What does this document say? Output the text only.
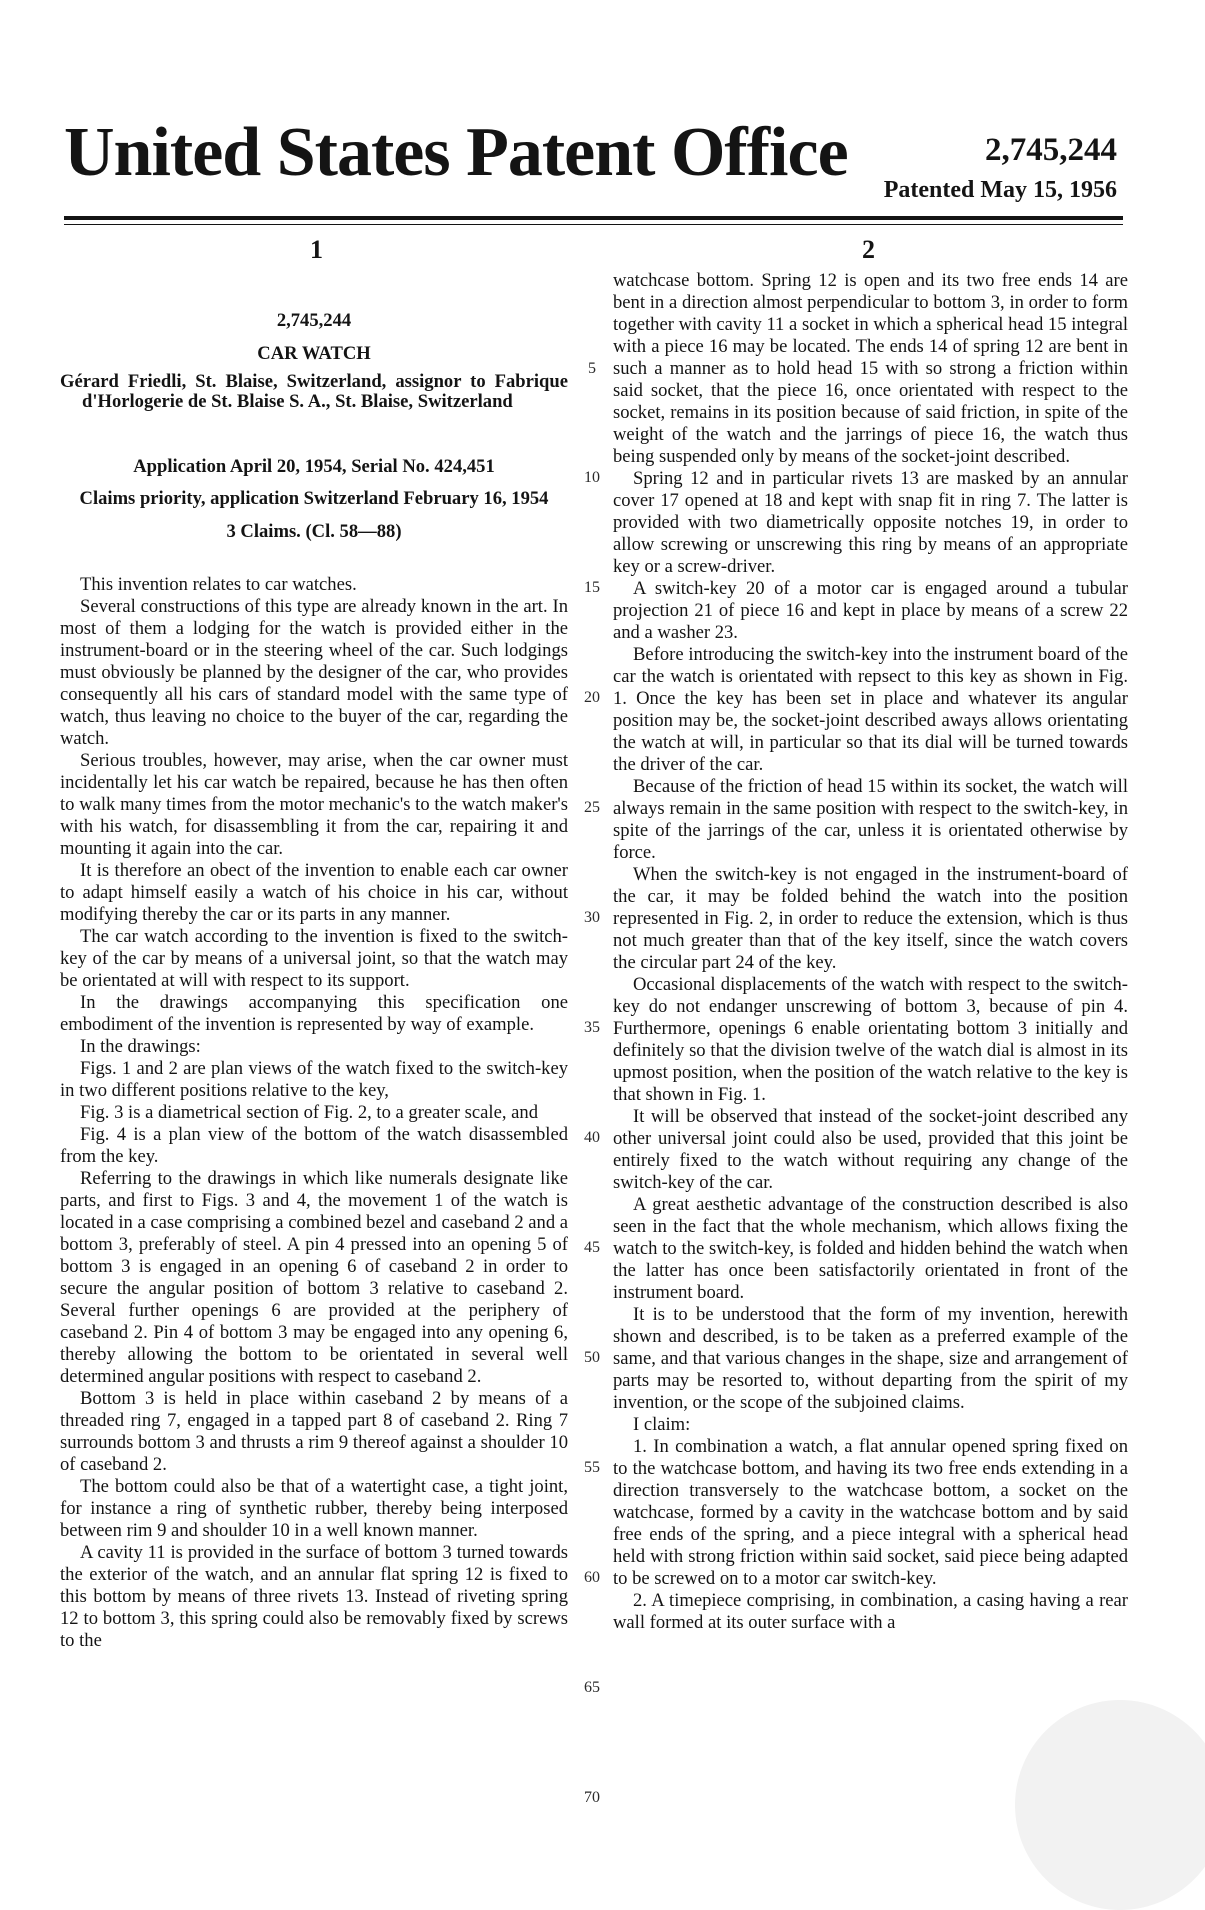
United States Patent Office	2,745,244
Patented May 15, 1956
1	2
2,745,244
CAR WATCH

Gérard Friedli, St. Blaise, Switzerland, assignor to Fabrique d'Horlogerie de St. Blaise S. A., St. Blaise, Switzerland

Application April 20, 1954, Serial No. 424,451
Claims priority, application Switzerland February 16, 1954
3 Claims. (Cl. 58—88)

This invention relates to car watches.

Several constructions of this type are already known in the art. In most of them a lodging for the watch is provided either in the instrument-board or in the steering wheel of the car. Such lodgings must obviously be planned by the designer of the car, who provides consequently all his cars of standard model with the same type of watch, thus leaving no choice to the buyer of the car, regarding the watch.

Serious troubles, however, may arise, when the car owner must incidentally let his car watch be repaired, because he has then often to walk many times from the motor mechanic's to the watch maker's with his watch, for disassembling it from the car, repairing it and mounting it again into the car.

It is therefore an obect of the invention to enable each car owner to adapt himself easily a watch of his choice in his car, without modifying thereby the car or its parts in any manner.

The car watch according to the invention is fixed to the switch-key of the car by means of a universal joint, so that the watch may be orientated at will with respect to its support.

In the drawings accompanying this specification one embodiment of the invention is represented by way of example.

In the drawings:

Figs. 1 and 2 are plan views of the watch fixed to the switch-key in two different positions relative to the key,

Fig. 3 is a diametrical section of Fig. 2, to a greater scale, and

Fig. 4 is a plan view of the bottom of the watch disassembled from the key.

Referring to the drawings in which like numerals designate like parts, and first to Figs. 3 and 4, the movement 1 of the watch is located in a case comprising a combined bezel and caseband 2 and a bottom 3, preferably of steel. A pin 4 pressed into an opening 5 of bottom 3 is engaged in an opening 6 of caseband 2 in order to secure the angular position of bottom 3 relative to caseband 2. Several further openings 6 are provided at the periphery of caseband 2. Pin 4 of bottom 3 may be engaged into any opening 6, thereby allowing the bottom to be orientated in several well determined angular positions with respect to caseband 2.

Bottom 3 is held in place within caseband 2 by means of a threaded ring 7, engaged in a tapped part 8 of caseband 2. Ring 7 surrounds bottom 3 and thrusts a rim 9 thereof against a shoulder 10 of caseband 2.

The bottom could also be that of a watertight case, a tight joint, for instance a ring of synthetic rubber, thereby being interposed between rim 9 and shoulder 10 in a well known manner.

A cavity 11 is provided in the surface of bottom 3 turned towards the exterior of the watch, and an annular flat spring 12 is fixed to this bottom by means of three rivets 13. Instead of riveting spring 12 to bottom 3, this spring could also be removably fixed by screws to the

5
10
15
20
25
30
35
40
45
50
55
60
65
70

watchcase bottom. Spring 12 is open and its two free ends 14 are bent in a direction almost perpendicular to bottom 3, in order to form together with cavity 11 a socket in which a spherical head 15 integral with a piece 16 may be located. The ends 14 of spring 12 are bent in such a manner as to hold head 15 with so strong a friction within said socket, that the piece 16, once orientated with respect to the socket, remains in its position because of said friction, in spite of the weight of the watch and the jarrings of piece 16, the watch thus being suspended only by means of the socket-joint described.

Spring 12 and in particular rivets 13 are masked by an annular cover 17 opened at 18 and kept with snap fit in ring 7. The latter is provided with two diametrically opposite notches 19, in order to allow screwing or unscrewing this ring by means of an appropriate key or a screw-driver.

A switch-key 20 of a motor car is engaged around a tubular projection 21 of piece 16 and kept in place by means of a screw 22 and a washer 23.

Before introducing the switch-key into the instrument board of the car the watch is orientated with repsect to this key as shown in Fig. 1. Once the key has been set in place and whatever its angular position may be, the socket-joint described aways allows orientating the watch at will, in particular so that its dial will be turned towards the driver of the car.

Because of the friction of head 15 within its socket, the watch will always remain in the same position with respect to the switch-key, in spite of the jarrings of the car, unless it is orientated otherwise by force.

When the switch-key is not engaged in the instrument-board of the car, it may be folded behind the watch into the position represented in Fig. 2, in order to reduce the extension, which is thus not much greater than that of the key itself, since the watch covers the circular part 24 of the key.

Occasional displacements of the watch with respect to the switch-key do not endanger unscrewing of bottom 3, because of pin 4. Furthermore, openings 6 enable orientating bottom 3 initially and definitely so that the division twelve of the watch dial is almost in its upmost position, when the position of the watch relative to the key is that shown in Fig. 1.

It will be observed that instead of the socket-joint described any other universal joint could also be used, provided that this joint be entirely fixed to the watch without requiring any change of the switch-key of the car.

A great aesthetic advantage of the construction described is also seen in the fact that the whole mechanism, which allows fixing the watch to the switch-key, is folded and hidden behind the watch when the latter has once been satisfactorily orientated in front of the instrument board.

It is to be understood that the form of my invention, herewith shown and described, is to be taken as a preferred example of the same, and that various changes in the shape, size and arrangement of parts may be resorted to, without departing from the spirit of my invention, or the scope of the subjoined claims.

I claim:

1. In combination a watch, a flat annular opened spring fixed on to the watchcase bottom, and having its two free ends extending in a direction transversely to the watchcase bottom, a socket on the watchcase, formed by a cavity in the watchcase bottom and by said free ends of the spring, and a piece integral with a spherical head held with strong friction within said socket, said piece being adapted to be screwed on to a motor car switch-key.

2. A timepiece comprising, in combination, a casing having a rear wall formed at its outer surface with a
